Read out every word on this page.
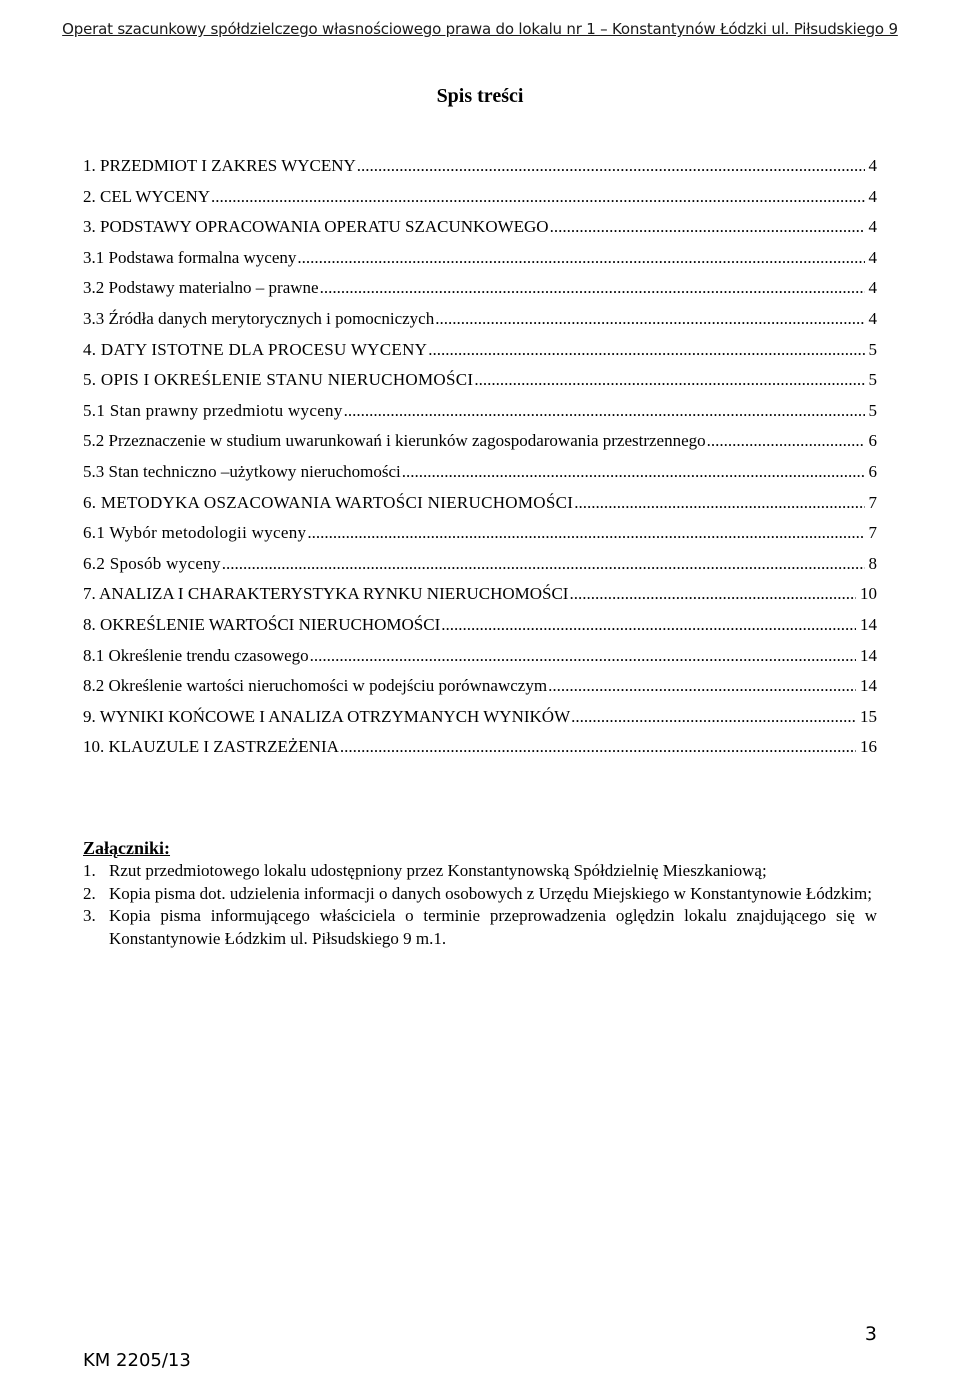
Operat szacunkowy spółdzielczego własnościowego prawa do lokalu nr 1 – Konstantynów Łódzki ul. Piłsudskiego 9
Spis treści
1. PRZEDMIOT I ZAKRES WYCENY .....	4
2. CEL WYCENY .....	4
3. PODSTAWY OPRACOWANIA OPERATU SZACUNKOWEGO .....	4
3.1 Podstawa formalna wyceny .....	4
3.2 Podstawy materialno – prawne .....	4
3.3 Źródła danych merytorycznych i pomocniczych .....	4
4. DATY ISTOTNE DLA PROCESU WYCENY .....	5
5. OPIS I OKREŚLENIE STANU NIERUCHOMOŚCI .....	5
5.1 Stan prawny przedmiotu wyceny .....	5
5.2 Przeznaczenie w studium uwarunkowań i kierunków zagospodarowania przestrzennego .....	6
5.3 Stan techniczno –użytkowy nieruchomości .....	6
6. METODYKA OSZACOWANIA WARTOŚCI NIERUCHOMOŚCI .....	7
6.1 Wybór metodologii wyceny .....	7
6.2 Sposób wyceny .....	8
7. ANALIZA I CHARAKTERYSTYKA RYNKU NIERUCHOMOŚCI .....	10
8. OKREŚLENIE WARTOŚCI NIERUCHOMOŚCI .....	14
8.1 Określenie trendu czasowego .....	14
8.2 Określenie wartości nieruchomości w podejściu porównawczym .....	14
9. WYNIKI KOŃCOWE I ANALIZA OTRZYMANYCH WYNIKÓW .....	15
10. KLAUZULE I ZASTRZEŻENIA .....	16
Załączniki:
1. Rzut przedmiotowego lokalu udostępniony przez Konstantynowską Spółdzielnię Mieszkaniową;
2. Kopia pisma dot. udzielenia informacji o danych osobowych z Urzędu Miejskiego w Konstantynowie Łódzkim;
3. Kopia pisma informującego właściciela o terminie przeprowadzenia oględzin lokalu znajdującego się w Konstantynowie Łódzkim ul. Piłsudskiego 9 m.1.
3
KM 2205/13
